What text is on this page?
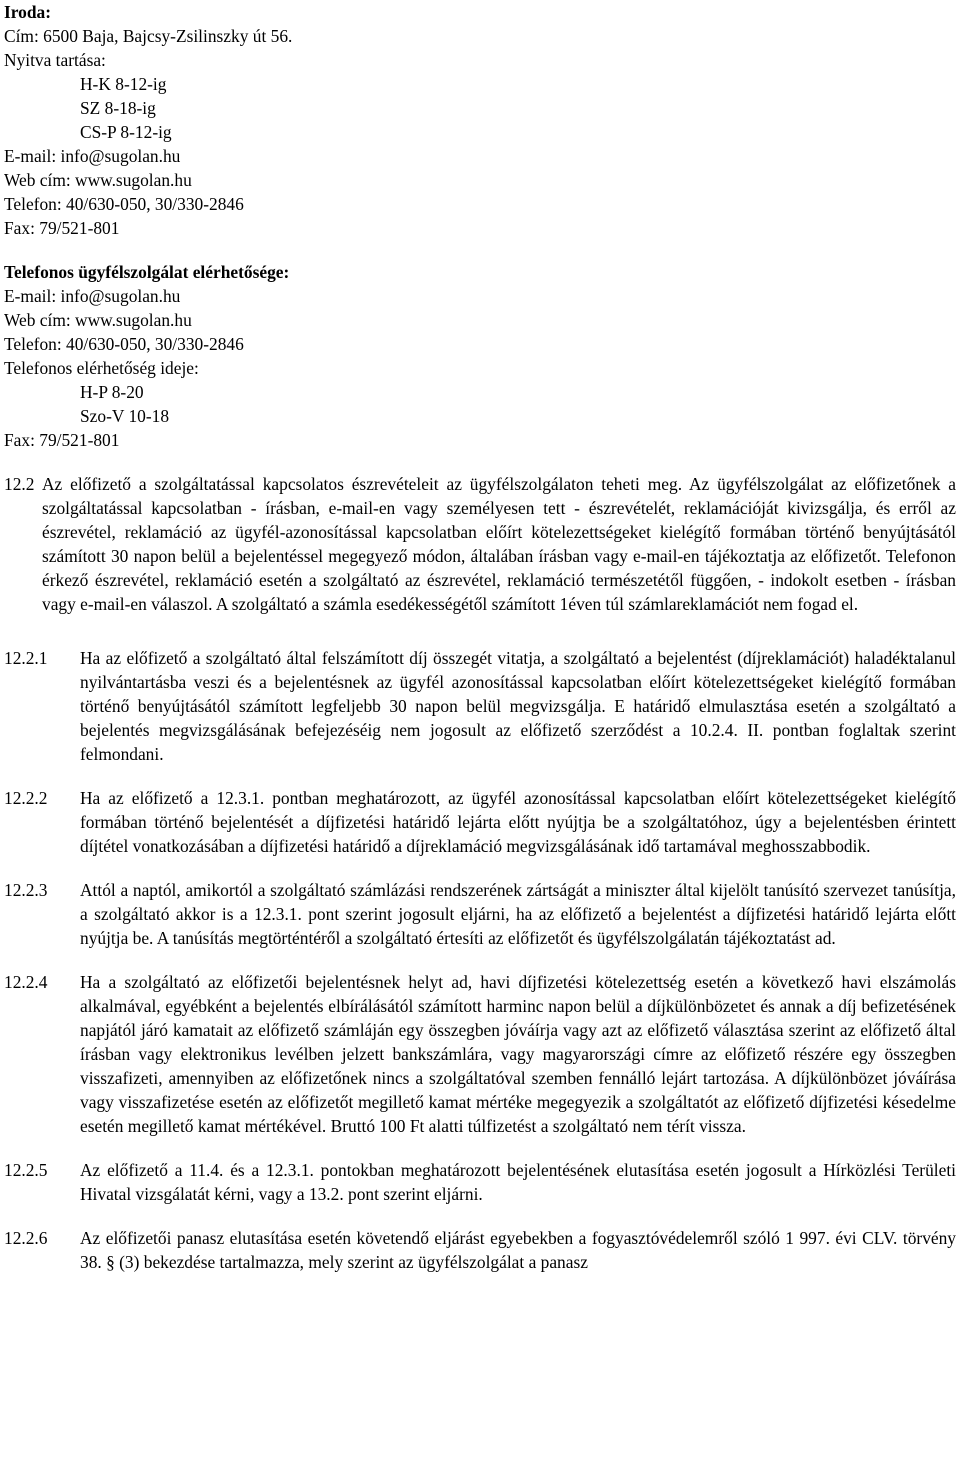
Iroda:
Cím: 6500 Baja, Bajcsy-Zsilinszky út 56.
Nyitva tartása:
H-K 8-12-ig
SZ 8-18-ig
CS-P 8-12-ig
E-mail: info@sugolan.hu
Web cím: www.sugolan.hu
Telefon: 40/630-050, 30/330-2846
Fax: 79/521-801
Telefonos ügyfélszolgálat elérhetősége:
E-mail: info@sugolan.hu
Web cím: www.sugolan.hu
Telefon: 40/630-050, 30/330-2846
Telefonos elérhetőség ideje:
H-P 8-20
Szo-V 10-18
Fax: 79/521-801
12.2 Az előfizető a szolgáltatással kapcsolatos észrevételeit az ügyfélszolgálaton teheti meg. Az ügyfélszolgálat az előfizetőnek a szolgáltatással kapcsolatban - írásban, e-mail-en vagy személyesen tett - észrevételét, reklamációját kivizsgálja, és erről az észrevétel, reklamáció az ügyfél-azonosítással kapcsolatban előírt kötelezettségeket kielégítő formában történő benyújtásától számított 30 napon belül a bejelentéssel megegyező módon, általában írásban vagy e-mail-en tájékoztatja az előfizetőt. Telefonon érkező észrevétel, reklamáció esetén a szolgáltató az észrevétel, reklamáció természetétől függően, - indokolt esetben - írásban vagy e-mail-en válaszol. A szolgáltató a számla esedékességétől számított 1éven túl számlareklamációt nem fogad el.
12.2.1	Ha az előfizető a szolgáltató által felszámított díj összegét vitatja, a szolgáltató a bejelentést (díjreklamációt) haladéktalanul nyilvántartásba veszi és a bejelentésnek az ügyfél azonosítással kapcsolatban előírt kötelezettségeket kielégítő formában történő benyújtásától számított legfeljebb 30 napon belül megvizsgálja. E határidő elmulasztása esetén a szolgáltató a bejelentés megvizsgálásának befejezéséig nem jogosult az előfizető szerződést a 10.2.4. II. pontban foglaltak szerint felmondani.
12.2.2	Ha az előfizető a 12.3.1. pontban meghatározott, az ügyfél azonosítással kapcsolatban előírt kötelezettségeket kielégítő formában történő bejelentését a díjfizetési határidő lejárta előtt nyújtja be a szolgáltatóhoz, úgy a bejelentésben érintett díjtétel vonatkozásában a díjfizetési határidő a díjreklamáció megvizsgálásának idő tartamával meghosszabbodik.
12.2.3	Attól a naptól, amikortól a szolgáltató számlázási rendszerének zártságát a miniszter által kijelölt tanúsító szervezet tanúsítja, a szolgáltató akkor is a 12.3.1. pont szerint jogosult eljárni, ha az előfizető a bejelentést a díjfizetési határidő lejárta előtt nyújtja be. A tanúsítás megtörténtéről a szolgáltató értesíti az előfizetőt és ügyfélszolgálatán tájékoztatást ad.
12.2.4	Ha a szolgáltató az előfizetői bejelentésnek helyt ad, havi díjfizetési kötelezettség esetén a következő havi elszámolás alkalmával, egyébként a bejelentés elbírálásától számított harminc napon belül a díjkülönbözetet és annak a díj befizetésének napjától járó kamatait az előfizető számláján egy összegben jóváírja vagy azt az előfizető választása szerint az előfizető által írásban vagy elektronikus levélben jelzett bankszámlára, vagy magyarországi címre az előfizető részére egy összegben visszafizeti, amennyiben az előfizetőnek nincs a szolgáltatóval szemben fennálló lejárt tartozása. A díjkülönbözet jóváírása vagy visszafizetése esetén az előfizetőt megillető kamat mértéke megegyezik a szolgáltatót az előfizető díjfizetési késedelme esetén megillető kamat mértékével. Bruttó 100 Ft alatti túlfizetést a szolgáltató nem térít vissza.
12.2.5	Az előfizető a 11.4. és a 12.3.1. pontokban meghatározott bejelentésének elutasítása esetén jogosult a Hírközlési Területi Hivatal vizsgálatát kérni, vagy a 13.2. pont szerint eljárni.
12.2.6	Az előfizetői panasz elutasítása esetén követendő eljárást egyebekben a fogyasztóvédelemről szóló 1 997. évi CLV. törvény 38. § (3) bekezdése tartalmazza, mely szerint az ügyfélszolgálat a panasz
